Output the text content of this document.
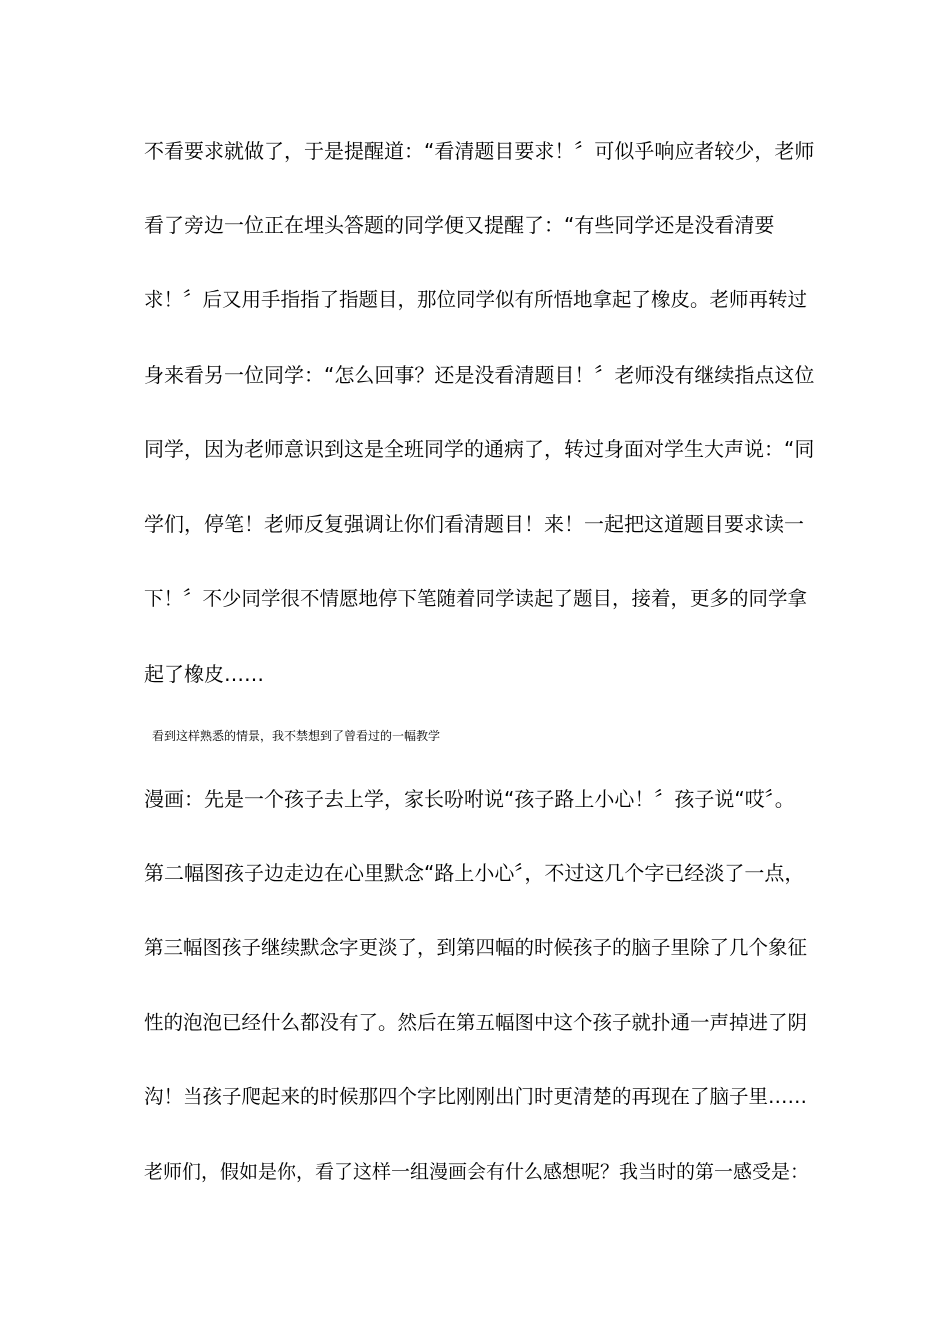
不看要求就做了，于是提醒道：“看清题目要求！〞可似乎响应者较少，老师
看了旁边一位正在埋头答题的同学便又提醒了：“有些同学还是没看清要
求！〞后又用手指指了指题目，那位同学似有所悟地拿起了橡皮。老师再转过
身来看另一位同学：“怎么回事？还是没看清题目！〞老师没有继续指点这位
同学，因为老师意识到这是全班同学的通病了，转过身面对学生大声说：“同
学们，停笔！老师反复强调让你们看清题目！来！一起把这道题目要求读一
下！〞不少同学很不情愿地停下笔随着同学读起了题目，接着，更多的同学拿
起了橡皮……
看到这样熟悉的情景，我不禁想到了曾看过的一幅教学
漫画：先是一个孩子去上学，家长吩咐说“孩子路上小心！〞孩子说“哎〞。
第二幅图孩子边走边在心里默念“路上小心〞，不过这几个字已经淡了一点，
第三幅图孩子继续默念字更淡了，到第四幅的时候孩子的脑子里除了几个象征
性的泡泡已经什么都没有了。然后在第五幅图中这个孩子就扑通一声掉进了阴
沟！当孩子爬起来的时候那四个字比刚刚出门时更清楚的再现在了脑子里……
老师们，假如是你，看了这样一组漫画会有什么感想呢？我当时的第一感受是：
